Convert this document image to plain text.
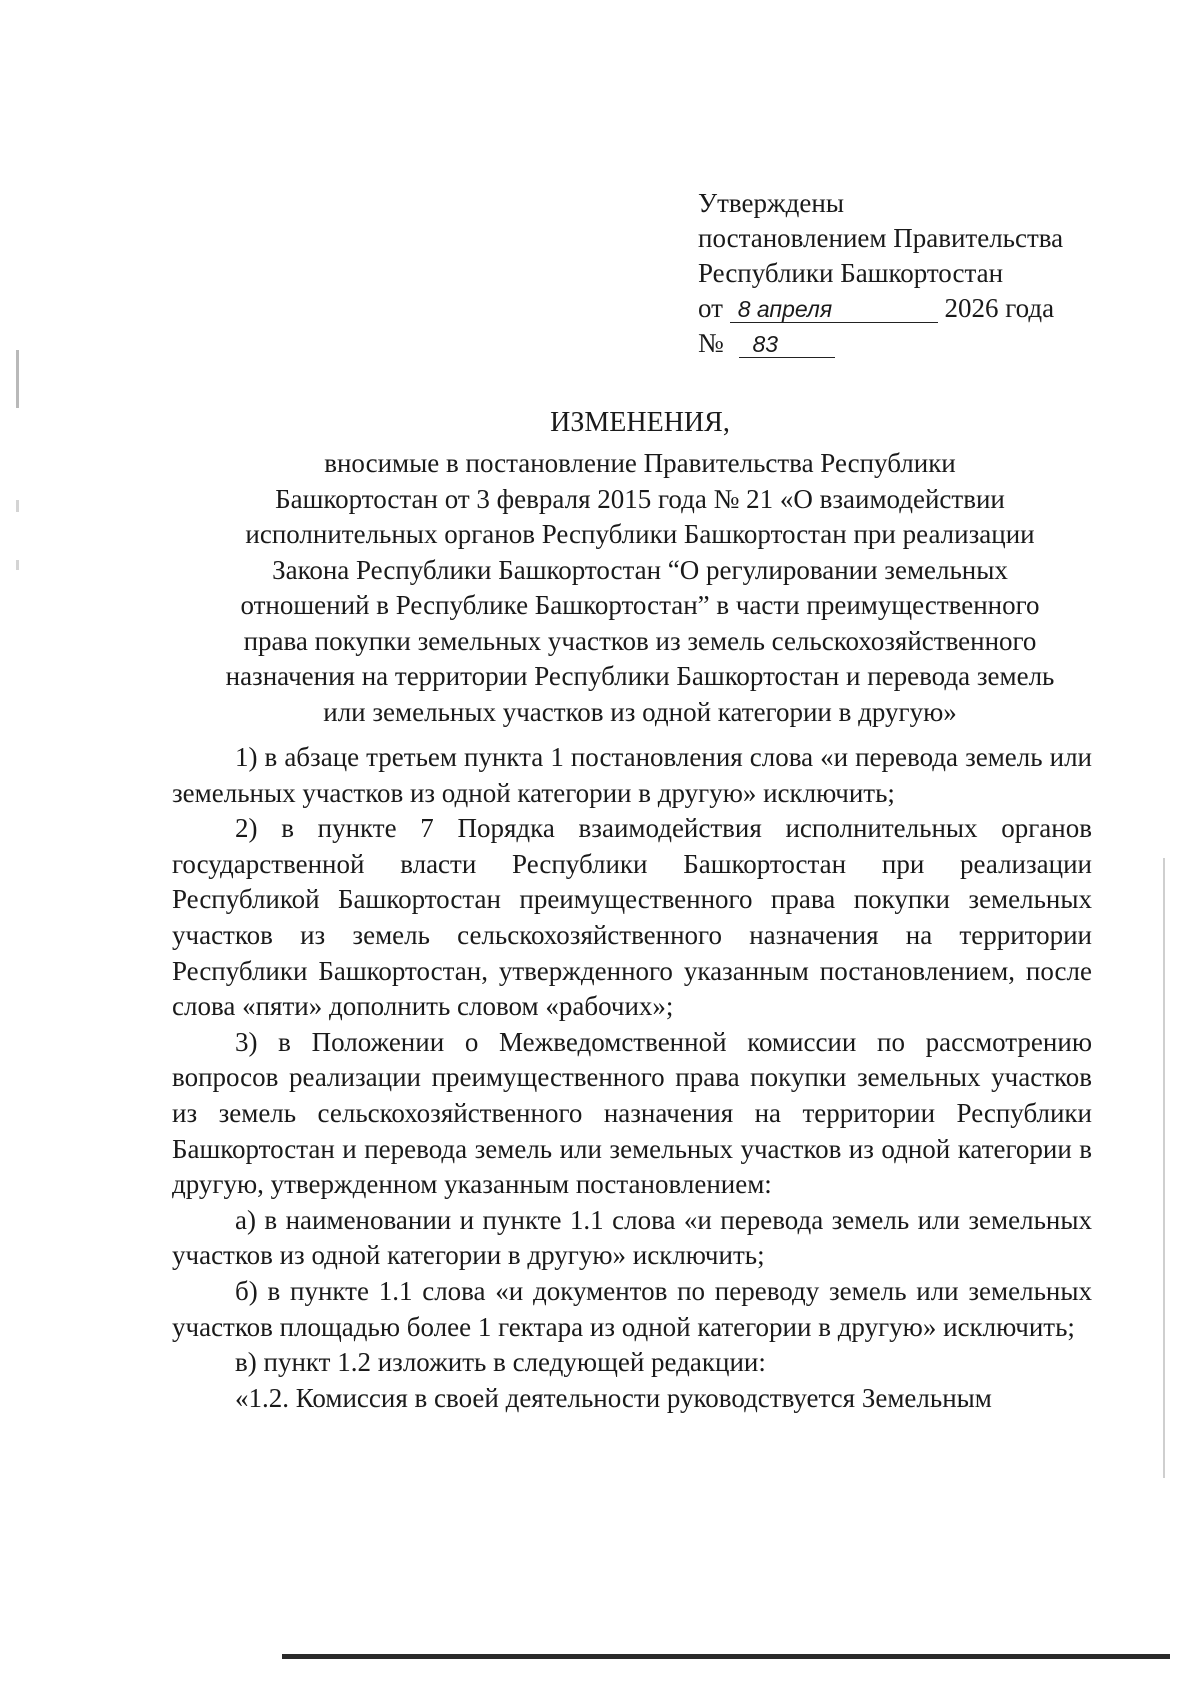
Утверждены
постановлением Правительства
Республики Башкортостан
от 8 апреля	2026 года
№ 83
ИЗМЕНЕНИЯ,
вносимые в постановление Правительства Республики
Башкортостан от 3 февраля 2015 года № 21 «О взаимодействии
исполнительных органов Республики Башкортостан при реализации
Закона Республики Башкортостан “О регулировании земельных
отношений в Республике Башкортостан” в части преимущественного
права покупки земельных участков из земель сельскохозяйственного
назначения на территории Республики Башкортостан и перевода земель
или земельных участков из одной категории в другую»

1) в абзаце третьем пункта 1 постановления слова «и перевода земель или земельных участков из одной категории в другую» исключить;

2) в пункте 7 Порядка взаимодействия исполнительных органов государственной власти Республики Башкортостан при реализации Республикой Башкортостан преимущественного права покупки земельных участков из земель сельскохозяйственного назначения на территории Республики Башкортостан, утвержденного указанным постановлением, после слова «пяти» дополнить словом «рабочих»;

3) в Положении о Межведомственной комиссии по рассмотрению вопросов реализации преимущественного права покупки земельных участков из земель сельскохозяйственного назначения на территории Республики Башкортостан и перевода земель или земельных участков из одной категории в другую, утвержденном указанным постановлением:

а) в наименовании и пункте 1.1 слова «и перевода земель или земельных участков из одной категории в другую» исключить;

б) в пункте 1.1 слова «и документов по переводу земель или земельных участков площадью более 1 гектара из одной категории в другую» исключить;

в) пункт 1.2 изложить в следующей редакции:

«1.2. Комиссия в своей деятельности руководствуется Земельным
